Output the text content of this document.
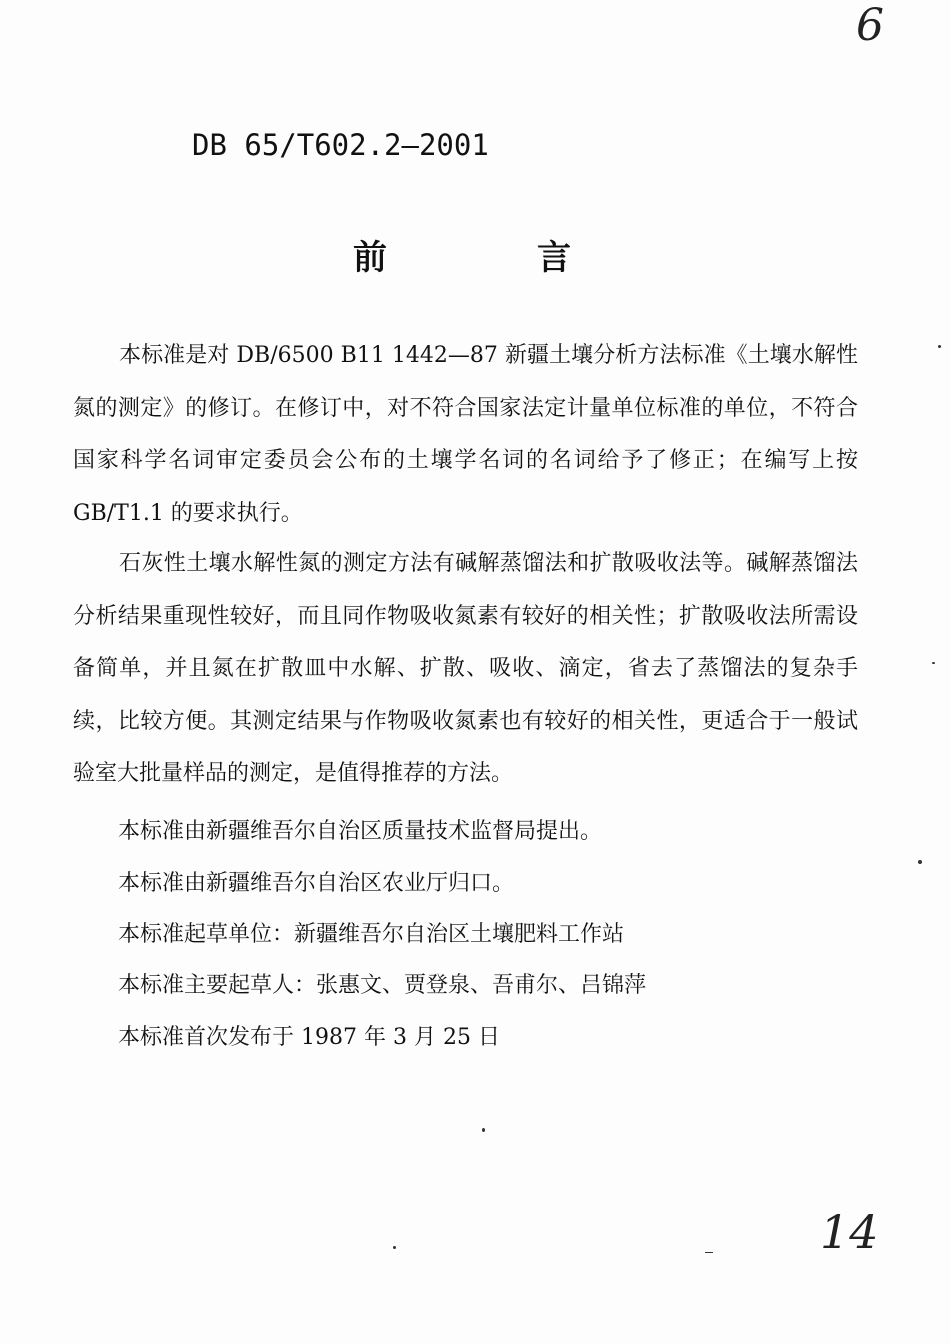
6
DB 65/T602.2—2001
前言

本标准是对 DB/6500 B11 1442—87 新疆土壤分析方法标准《土壤水解性氮的测定》的修订。在修订中，对不符合国家法定计量单位标准的单位，不符合国家科学名词审定委员会公布的土壤学名词的名词给予了修正；在编写上按 GB/T1.1 的要求执行。

石灰性土壤水解性氮的测定方法有碱解蒸馏法和扩散吸收法等。碱解蒸馏法分析结果重现性较好，而且同作物吸收氮素有较好的相关性；扩散吸收法所需设备简单，并且氮在扩散皿中水解、扩散、吸收、滴定，省去了蒸馏法的复杂手续，比较方便。其测定结果与作物吸收氮素也有较好的相关性，更适合于一般试验室大批量样品的测定，是值得推荐的方法。

本标准由新疆维吾尔自治区质量技术监督局提出。

本标准由新疆维吾尔自治区农业厅归口。

本标准起草单位：新疆维吾尔自治区土壤肥料工作站

本标准主要起草人：张惠文、贾登泉、吾甫尔、吕锦萍

本标准首次发布于 1987 年 3 月 25 日

14
